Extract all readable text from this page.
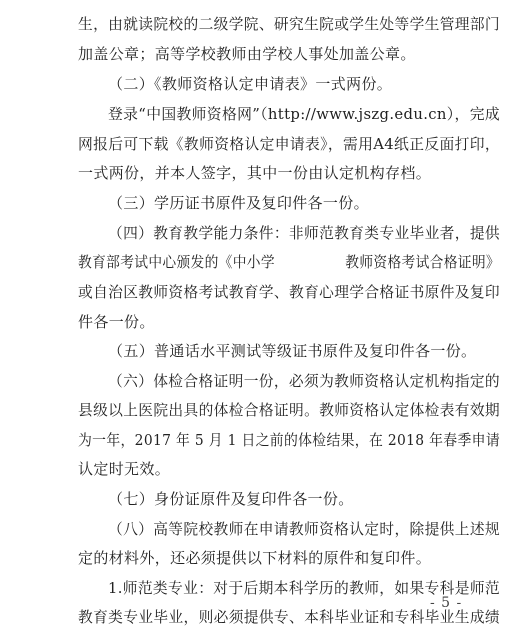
生，由就读院校的二级学院、研究生院或学生处等学生管理部门
加盖公章；高等学校教师由学校人事处加盖公章。
（二）《教师资格认定申请表》一式两份。
登录“中国教师资格网”（http://www.jszg.edu.cn），完成
网报后可下载《教师资格认定申请表》，需用A4纸正反面打印，
一式两份，并本人签字，其中一份由认定机构存档。
（三）学历证书原件及复印件各一份。
（四）教育教学能力条件：非师范教育类专业毕业者，提供
教育部考试中心颁发的《中小学　　　　　教师资格考试合格证明》
或自治区教师资格考试教育学、教育心理学合格证书原件及复印
件各一份。
（五）普通话水平测试等级证书原件及复印件各一份。
（六）体检合格证明一份，必须为教师资格认定机构指定的
县级以上医院出具的体检合格证明。教师资格认定体检表有效期
为一年，2017 年 5 月 1 日之前的体检结果，在 2018 年春季申请
认定时无效。
（七）身份证原件及复印件各一份。
（八）高等院校教师在申请教师资格认定时，除提供上述规
定的材料外，还必须提供以下材料的原件和复印件。
1.师范类专业：对于后期本科学历的教师，如果专科是师范
教育类专业毕业，则必须提供专、本科毕业证和专科毕业生成绩
- 5 -
